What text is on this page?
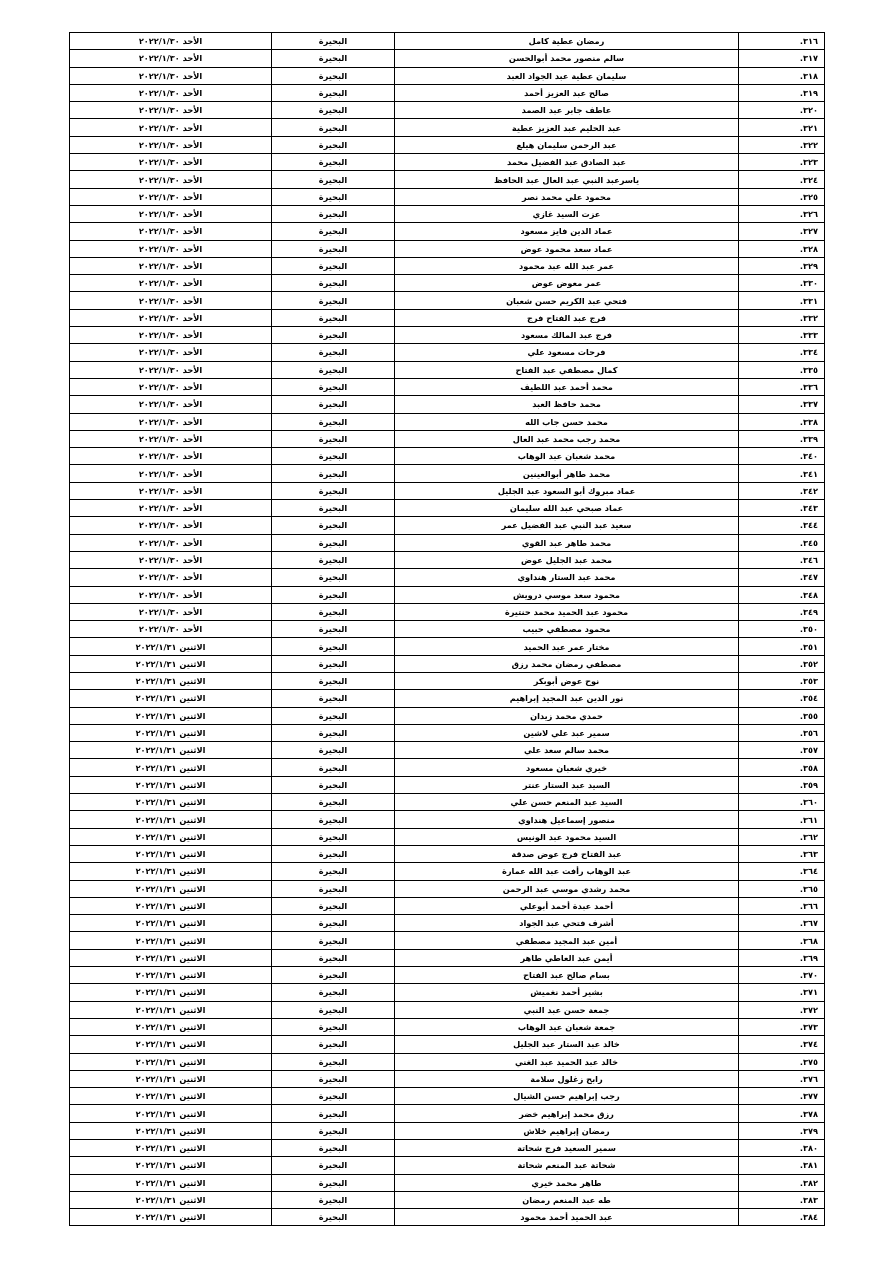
الأحد ٢٠٢٢/١/٣٠	البحيرة	رمضان عطية كامل	٣١٦.
الأحد ٢٠٢٢/١/٣٠	البحيرة	سالم منصور محمد أبوالحسن	٣١٧.
الأحد ٢٠٢٢/١/٣٠	البحيرة	سليمان عطية عبد الجواد العبد	٣١٨.
الأحد ٢٠٢٢/١/٣٠	البحيرة	صالح عبد العزيز أحمد	٣١٩.
الأحد ٢٠٢٢/١/٣٠	البحيرة	عاطف جابر عبد الصمد	٣٢٠.
الأحد ٢٠٢٢/١/٣٠	البحيرة	عبد الحليم عبد العزيز عطية	٣٢١.
الأحد ٢٠٢٢/١/٣٠	البحيرة	عبد الرحمن سليمان هيلع	٣٢٢.
الأحد ٢٠٢٢/١/٣٠	البحيرة	عبد الصادق عبد الفضيل محمد	٣٢٣.
الأحد ٢٠٢٢/١/٣٠	البحيرة	ياسرعبد النبي عبد العال عبد الحافظ	٣٢٤.
الأحد ٢٠٢٢/١/٣٠	البحيرة	محمود علي محمد نصر	٣٢٥.
الأحد ٢٠٢٢/١/٣٠	البحيرة	عزت السيد غازي	٣٢٦.
الأحد ٢٠٢٢/١/٣٠	البحيرة	عماد الدين فايز مسعود	٣٢٧.
الأحد ٢٠٢٢/١/٣٠	البحيرة	عماد سعد محمود عوض	٣٢٨.
الأحد ٢٠٢٢/١/٣٠	البحيرة	عمر عبد الله عبد محمود	٣٢٩.
الأحد ٢٠٢٢/١/٣٠	البحيرة	عمر معوض عوض	٣٣٠.
الأحد ٢٠٢٢/١/٣٠	البحيرة	فتحي عبد الكريم حسن شعبان	٣٣١.
الأحد ٢٠٢٢/١/٣٠	البحيرة	فرج عبد الفتاح فرج	٣٣٢.
الأحد ٢٠٢٢/١/٣٠	البحيرة	فرج عبد المالك مسعود	٣٣٣.
الأحد ٢٠٢٢/١/٣٠	البحيرة	فرحات مسعود علي	٣٣٤.
الأحد ٢٠٢٢/١/٣٠	البحيرة	كمال مصطفي عبد الفتاح	٣٣٥.
الأحد ٢٠٢٢/١/٣٠	البحيرة	محمد أحمد عبد اللطيف	٣٣٦.
الأحد ٢٠٢٢/١/٣٠	البحيرة	محمد حافظ العبد	٣٣٧.
الأحد ٢٠٢٢/١/٣٠	البحيرة	محمد حسن جاب الله	٣٣٨.
الأحد ٢٠٢٢/١/٣٠	البحيرة	محمد رجب محمد عبد العال	٣٣٩.
الأحد ٢٠٢٢/١/٣٠	البحيرة	محمد شعبان عبد الوهاب	٣٤٠.
الأحد ٢٠٢٢/١/٣٠	البحيرة	محمد طاهر أبوالعينين	٣٤١.
الأحد ٢٠٢٢/١/٣٠	البحيرة	عماد مبروك أبو السعود عبد الجليل	٣٤٢.
الأحد ٢٠٢٢/١/٣٠	البحيرة	عماد صبحي عبد الله سليمان	٣٤٣.
الأحد ٢٠٢٢/١/٣٠	البحيرة	سعيد عبد النبي عبد الفضيل عمر	٣٤٤.
الأحد ٢٠٢٢/١/٣٠	البحيرة	محمد طاهر عبد القوي	٣٤٥.
الأحد ٢٠٢٢/١/٣٠	البحيرة	محمد عبد الجليل عوض	٣٤٦.
الأحد ٢٠٢٢/١/٣٠	البحيرة	محمد عبد الستار هنداوي	٣٤٧.
الأحد ٢٠٢٢/١/٣٠	البحيرة	محمود سعد موسي درويش	٣٤٨.
الأحد ٢٠٢٢/١/٣٠	البحيرة	محمود عبد الحميد محمد حنتيرة	٣٤٩.
الأحد ٢٠٢٢/١/٣٠	البحيرة	محمود مصطفي حبيب	٣٥٠.
الاثنين ٢٠٢٢/١/٣١	البحيرة	مختار عمر عبد الحميد	٣٥١.
الاثنين ٢٠٢٢/١/٣١	البحيرة	مصطفي رمضان محمد رزق	٣٥٢.
الاثنين ٢٠٢٢/١/٣١	البحيرة	نوح عوض أبوبكر	٣٥٣.
الاثنين ٢٠٢٢/١/٣١	البحيرة	نور الدين عبد المجيد إبراهيم	٣٥٤.
الاثنين ٢٠٢٢/١/٣١	البحيرة	حمدي محمد زيدان	٣٥٥.
الاثنين ٢٠٢٢/١/٣١	البحيرة	سمير عبد علي لاشين	٣٥٦.
الاثنين ٢٠٢٢/١/٣١	البحيرة	محمد سالم سعد علي	٣٥٧.
الاثنين ٢٠٢٢/١/٣١	البحيرة	خيري شعبان مسعود	٣٥٨.
الاثنين ٢٠٢٢/١/٣١	البحيرة	السيد عبد الستار عنتر	٣٥٩.
الاثنين ٢٠٢٢/١/٣١	البحيرة	السيد عبد المنعم حسن علي	٣٦٠.
الاثنين ٢٠٢٢/١/٣١	البحيرة	منصور إسماعيل هنداوي	٣٦١.
الاثنين ٢٠٢٢/١/٣١	البحيرة	السيد محمود عبد الونيس	٣٦٢.
الاثنين ٢٠٢٢/١/٣١	البحيرة	عبد الفتاح فرج عوض صدقة	٣٦٣.
الاثنين ٢٠٢٢/١/٣١	البحيرة	عبد الوهاب رأفت عبد الله عمارة	٣٦٤.
الاثنين ٢٠٢٢/١/٣١	البحيرة	محمد رشدي موسي عبد الرحمن	٣٦٥.
الاثنين ٢٠٢٢/١/٣١	البحيرة	أحمد عبدة أحمد أبوعلي	٣٦٦.
الاثنين ٢٠٢٢/١/٣١	البحيرة	أشرف فتحي عبد الجواد	٣٦٧.
الاثنين ٢٠٢٢/١/٣١	البحيرة	أمين عبد المجيد مصطفي	٣٦٨.
الاثنين ٢٠٢٢/١/٣١	البحيرة	أيمن عبد العاطي طاهر	٣٦٩.
الاثنين ٢٠٢٢/١/٣١	البحيرة	بسام صالح عبد الفتاح	٣٧٠.
الاثنين ٢٠٢٢/١/٣١	البحيرة	بشير أحمد نغميش	٣٧١.
الاثنين ٢٠٢٢/١/٣١	البحيرة	جمعة حسن عبد النبي	٣٧٢.
الاثنين ٢٠٢٢/١/٣١	البحيرة	جمعة شعبان عبد الوهاب	٣٧٣.
الاثنين ٢٠٢٢/١/٣١	البحيرة	خالد عبد الستار عبد الجليل	٣٧٤.
الاثنين ٢٠٢٢/١/٣١	البحيرة	خالد عبد الحميد عبد الغني	٣٧٥.
الاثنين ٢٠٢٢/١/٣١	البحيرة	رابح زغلول سلامة	٣٧٦.
الاثنين ٢٠٢٢/١/٣١	البحيرة	رجب إبراهيم حسن الشيال	٣٧٧.
الاثنين ٢٠٢٢/١/٣١	البحيرة	رزق محمد إبراهيم خضر	٣٧٨.
الاثنين ٢٠٢٢/١/٣١	البحيرة	رمضان إبراهيم خلاش	٣٧٩.
الاثنين ٢٠٢٢/١/٣١	البحيرة	سمير السعيد فرج شحاتة	٣٨٠.
الاثنين ٢٠٢٢/١/٣١	البحيرة	شحاتة عبد المنعم شحاتة	٣٨١.
الاثنين ٢٠٢٢/١/٣١	البحيرة	طاهر محمد خيري	٣٨٢.
الاثنين ٢٠٢٢/١/٣١	البحيرة	طه عبد المنعم رمضان	٣٨٣.
الاثنين ٢٠٢٢/١/٣١	البحيرة	عبد الحميد أحمد محمود	٣٨٤.
